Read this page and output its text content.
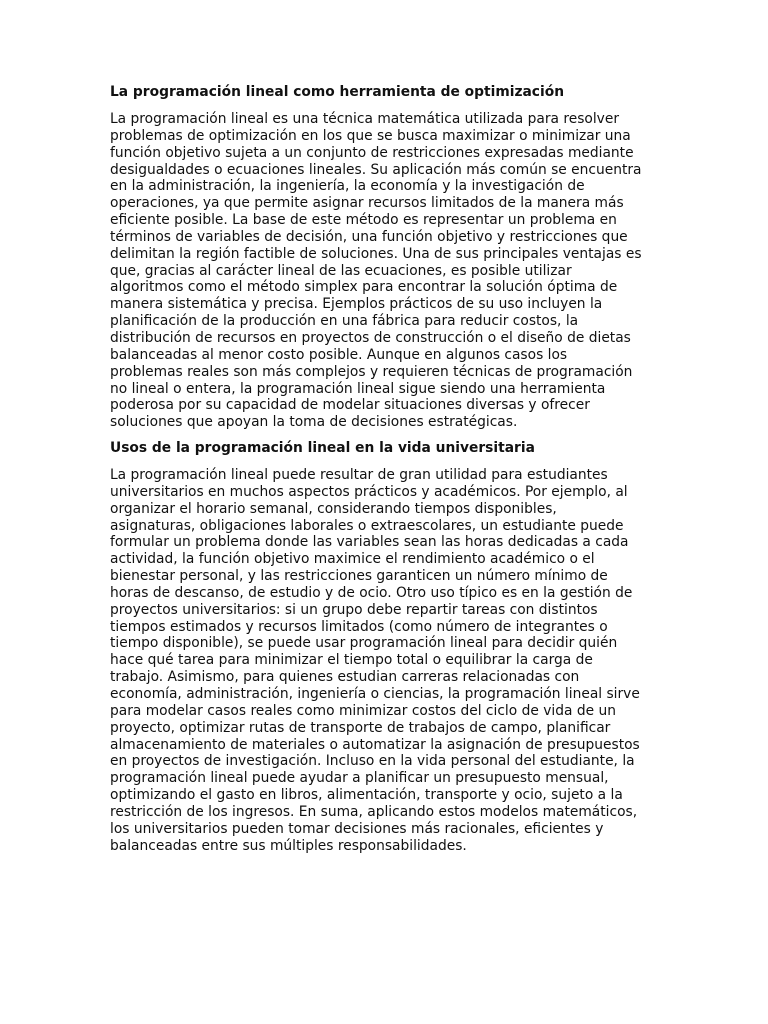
La programación lineal como herramienta de optimización

La programación lineal es una técnica matemática utilizada para resolver
problemas de optimización en los que se busca maximizar o minimizar una
función objetivo sujeta a un conjunto de restricciones expresadas mediante
desigualdades o ecuaciones lineales. Su aplicación más común se encuentra
en la administración, la ingeniería, la economía y la investigación de
operaciones, ya que permite asignar recursos limitados de la manera más
eficiente posible. La base de este método es representar un problema en
términos de variables de decisión, una función objetivo y restricciones que
delimitan la región factible de soluciones. Una de sus principales ventajas es
que, gracias al carácter lineal de las ecuaciones, es posible utilizar
algoritmos como el método simplex para encontrar la solución óptima de
manera sistemática y precisa. Ejemplos prácticos de su uso incluyen la
planificación de la producción en una fábrica para reducir costos, la
distribución de recursos en proyectos de construcción o el diseño de dietas
balanceadas al menor costo posible. Aunque en algunos casos los
problemas reales son más complejos y requieren técnicas de programación
no lineal o entera, la programación lineal sigue siendo una herramienta
poderosa por su capacidad de modelar situaciones diversas y ofrecer
soluciones que apoyan la toma de decisiones estratégicas.

Usos de la programación lineal en la vida universitaria

La programación lineal puede resultar de gran utilidad para estudiantes
universitarios en muchos aspectos prácticos y académicos. Por ejemplo, al
organizar el horario semanal, considerando tiempos disponibles,
asignaturas, obligaciones laborales o extraescolares, un estudiante puede
formular un problema donde las variables sean las horas dedicadas a cada
actividad, la función objetivo maximice el rendimiento académico o el
bienestar personal, y las restricciones garanticen un número mínimo de
horas de descanso, de estudio y de ocio. Otro uso típico es en la gestión de
proyectos universitarios: si un grupo debe repartir tareas con distintos
tiempos estimados y recursos limitados (como número de integrantes o
tiempo disponible), se puede usar programación lineal para decidir quién
hace qué tarea para minimizar el tiempo total o equilibrar la carga de
trabajo. Asimismo, para quienes estudian carreras relacionadas con
economía, administración, ingeniería o ciencias, la programación lineal sirve
para modelar casos reales como minimizar costos del ciclo de vida de un
proyecto, optimizar rutas de transporte de trabajos de campo, planificar
almacenamiento de materiales o automatizar la asignación de presupuestos
en proyectos de investigación. Incluso en la vida personal del estudiante, la
programación lineal puede ayudar a planificar un presupuesto mensual,
optimizando el gasto en libros, alimentación, transporte y ocio, sujeto a la
restricción de los ingresos. En suma, aplicando estos modelos matemáticos,
los universitarios pueden tomar decisiones más racionales, eficientes y
balanceadas entre sus múltiples responsabilidades.
